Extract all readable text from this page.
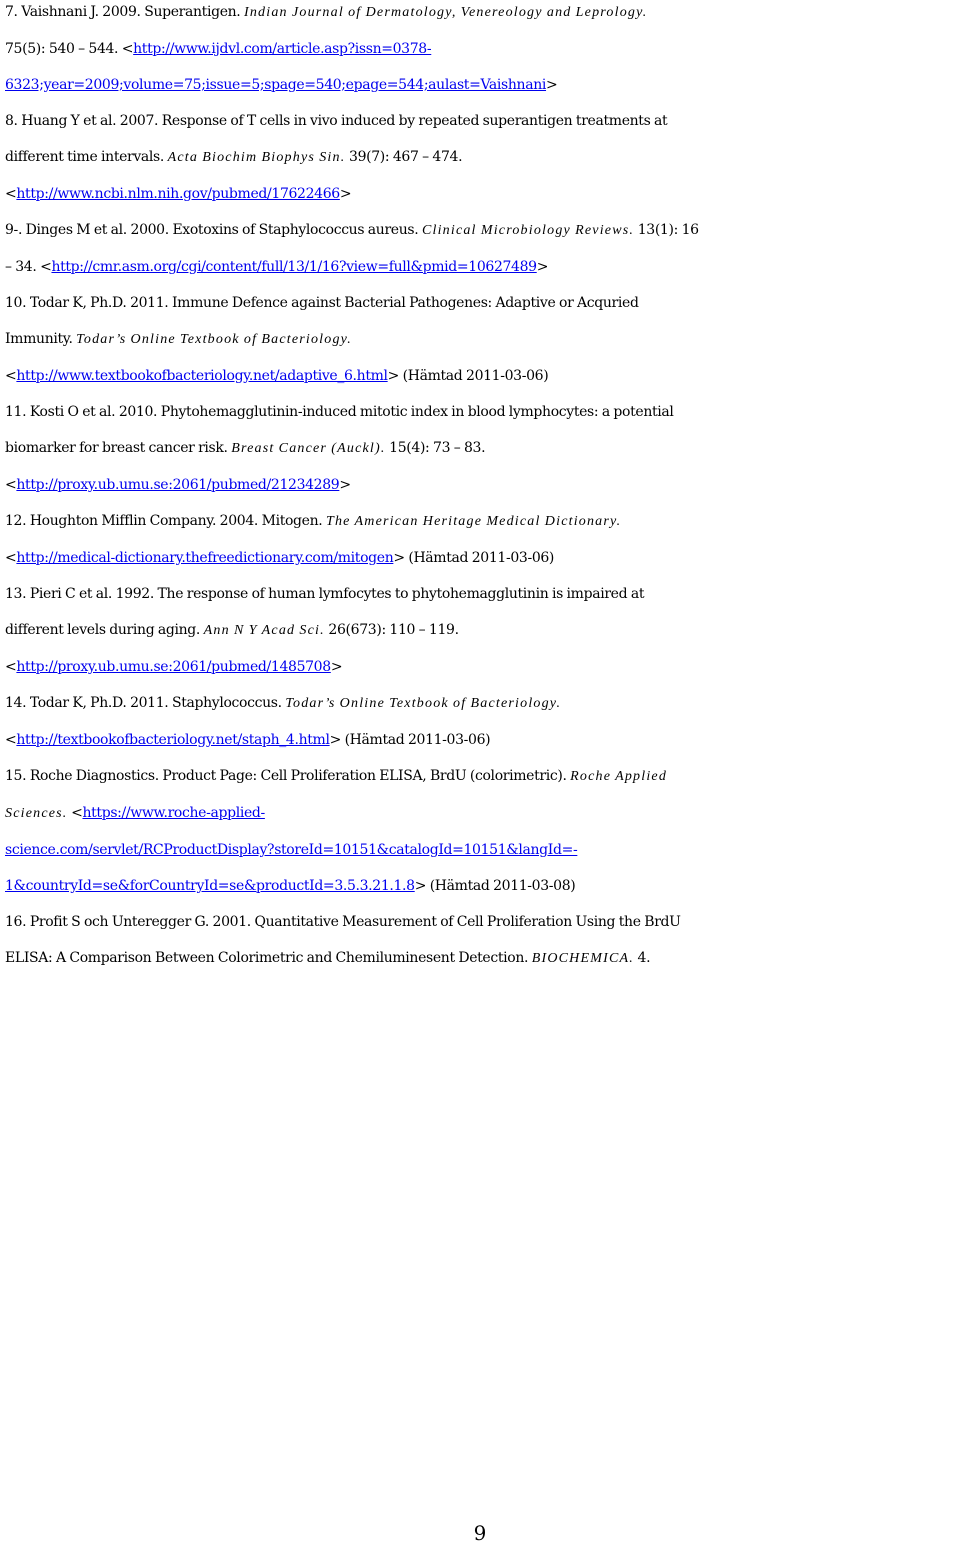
7. Vaishnani J. 2009. Superantigen. Indian Journal of Dermatology, Venereology and Leprology.
75(5): 540 – 544. <http://www.ijdvl.com/article.asp?issn=0378-
6323;year=2009;volume=75;issue=5;spage=540;epage=544;aulast=Vaishnani>
8. Huang Y et al. 2007. Response of T cells in vivo induced by repeated superantigen treatments at
different time intervals. Acta Biochim Biophys Sin. 39(7): 467 – 474.
<http://www.ncbi.nlm.nih.gov/pubmed/17622466>
9-. Dinges M et al. 2000. Exotoxins of Staphylococcus aureus. Clinical Microbiology Reviews. 13(1): 16
– 34. <http://cmr.asm.org/cgi/content/full/13/1/16?view=full&pmid=10627489>
10. Todar K, Ph.D. 2011. Immune Defence against Bacterial Pathogenes: Adaptive or Acquried
Immunity. Todar’s Online Textbook of Bacteriology.
<http://www.textbookofbacteriology.net/adaptive_6.html> (Hämtad 2011-03-06)
11. Kosti O et al. 2010. Phytohemagglutinin-induced mitotic index in blood lymphocytes: a potential
biomarker for breast cancer risk. Breast Cancer (Auckl). 15(4): 73 – 83.
<http://proxy.ub.umu.se:2061/pubmed/21234289>
12. Houghton Mifflin Company. 2004. Mitogen. The American Heritage Medical Dictionary.
<http://medical-dictionary.thefreedictionary.com/mitogen> (Hämtad 2011-03-06)
13. Pieri C et al. 1992. The response of human lymfocytes to phytohemagglutinin is impaired at
different levels during aging. Ann N Y Acad Sci. 26(673): 110 – 119.
<http://proxy.ub.umu.se:2061/pubmed/1485708>
14. Todar K, Ph.D. 2011. Staphylococcus. Todar’s Online Textbook of Bacteriology.
<http://textbookofbacteriology.net/staph_4.html> (Hämtad 2011-03-06)
15. Roche Diagnostics. Product Page: Cell Proliferation ELISA, BrdU (colorimetric). Roche Applied
Sciences. <https://www.roche-applied-
science.com/servlet/RCProductDisplay?storeId=10151&catalogId=10151&langId=-
1&countryId=se&forCountryId=se&productId=3.5.3.21.1.8> (Hämtad 2011-03-08)
16. Profit S och Unteregger G. 2001. Quantitative Measurement of Cell Proliferation Using the BrdU
ELISA: A Comparison Between Colorimetric and Chemiluminesent Detection. BIOCHEMICA. 4.
9
